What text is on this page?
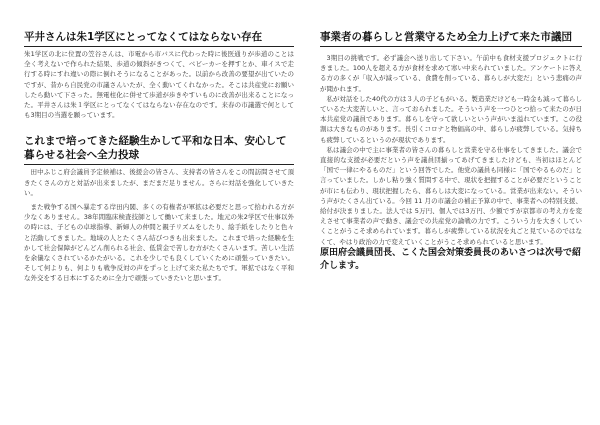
平井さんは朱1学区にとってなくてはならない存在

朱1学区の北に位置の笠谷さんは、市電から市バスに代わった時に後医通りが歩道のことは全く考えないで作られた結果、歩道の傾斜がきつくて、ベビーカーを押すとか、車イスで走行する時にすれ違いの際に倒れそうになることがあった。以前から改善の要望が出ていたのですが、昔から自民党の市議さんいたが、全く動いてくれなかった。そこは共産党にお願いしたら動いて下さった。無電柱化に併せて歩道が歩きやすいものに改善が出来ることになった。平井さんは朱１学区にとってなくてはならない存在なのです。来春の市議選で何としても3期目の当選を願っています。

これまで培ってきた経験生かして平和な日本、安心して暮らせる社会へ全力投球

田中ふじこ府会議員予定候補は、後援会の皆さん、支持者の皆さんをこの間訪問させて頂きたくさんの方と対話が出来ましたが、まだまだ足りません。さらに対話を強化していきたい。

また戦争する国へ暴走する岸田内閣、多くの有権者が軍拡は必要だと思って拾われる方が少なくありません。38年間臨床検査技師として働いて来ました。地元の朱2学区で仕事以外の時には、子どもの卓球指導、新婦人の仲間と親子リズムをしたり、絵手紙をしたりと色々と活動してきました。地域の人とたくさん結びつきも出来ました。これまで培った経験を生かして社会保障がどんどん削られる社会、低賃金で苦しむ方がたくさんいます。苦しい生活を余儀なくされているかたがいる。これを少しでも良くしていくために頑張っていきたい。そして何よりも、何よりも戦争反対の声をずっと上げて来た私たちです。軍拡ではなく平和な外交をする日本にするために全力で頑張っていきたいと思います。

事業者の暮らしと営業守るため全力上げて来た市議団

3期目の挑戦です。必ず議会へ送り出して下さい。午前中も食材支援プロジェクトに行きました。100人を超える方が食材を求めて寒い中来られていました。アンケートに答える方の多くが「収入が減っている、食費を削っている、暮らしが大変だ」という悲痛の声が聞かれます。

私が対話をした40代の方は３人の子どもがいる。製造業だけども一時金も減って暮らしているた大変苦しいと、言っておられました。そういう声を一つひとつ拾って来たのが日本共産党の議員であります。暮らしを守って欲しいという声がいま溢れています。この役割は大きなものがあります。長引くコロナと物価高の中、暮らしが疲弊している。気持ちも疲弊しているというのが現状であります。

私は議会の中で主に事業者の皆さんの暮らしと営業を守る仕事をしてきました。議会で直接的な支援が必要だという声を議員団揃ってあげてきましたけども、当初はほとんど「国で一律にやるものだ」という回答でした。他党の議員も同様に「国でやるものだ」と言っていました。しかし粘り強く質問する中で、現状を把握することが必要だということが市にも伝わり、現状把握したら、暮らしは大変になっている。営業が出来ない。そういう声がたくさん出ている。今回 11 月の市議会の補正予算の中で、事業者への特別支援、給付が決まりました。法人では 5万円、個人では3万円、少額ですが京都市の考え方を変えさせて事業者の声で動き、議会での共産党の論戦の力です。こういう力を大きくしていくことがうこそ求められています。暮らしが疲弊している状況を丸ごと見ているのではなくて、やはり政治の力で変えていくことがうこそ求められていると思います。

原田府会議員団長、こくた国会対策委員長のあいさつは次号で紹介します。
